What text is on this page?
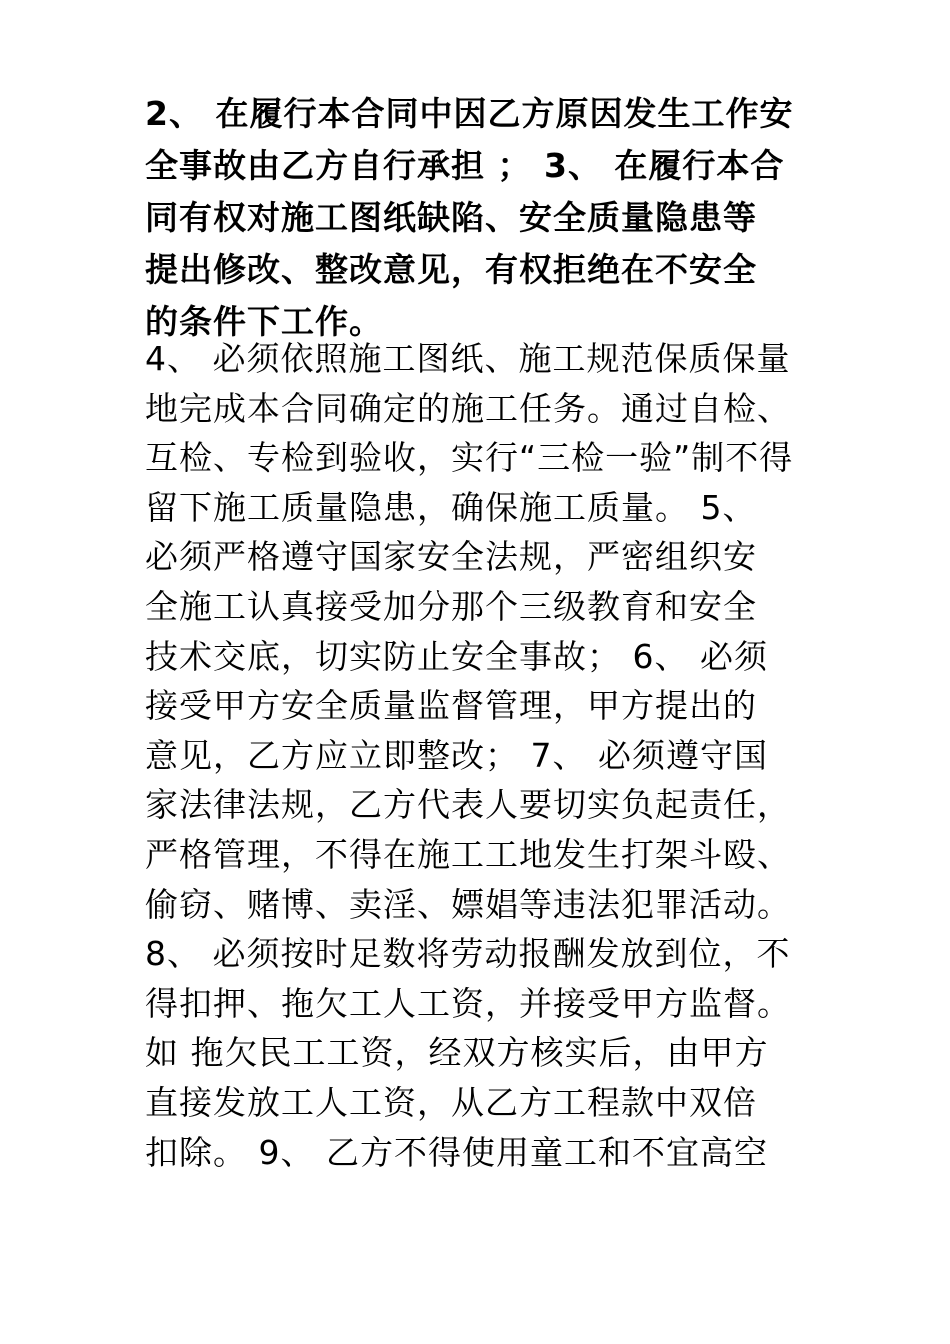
2、 在履行本合同中因乙方原因发生工作安
全事故由乙方自行承担 ； 3、 在履行本合
同有权对施工图纸缺陷、安全质量隐患等
提出修改、整改意见，有权拒绝在不安全
的条件下工作。
4、 必须依照施工图纸、施工规范保质保量
地完成本合同确定的施工任务。通过自检、
互检、专检到验收，实行“三检一验”制不得
留下施工质量隐患，确保施工质量。 5、
必须严格遵守国家安全法规，严密组织安
全施工认真接受加分那个三级教育和安全
技术交底，切实防止安全事故； 6、 必须
接受甲方安全质量监督管理，甲方提出的
意见，乙方应立即整改； 7、 必须遵守国
家法律法规，乙方代表人要切实负起责任，
严格管理，不得在施工工地发生打架斗殴、
偷窃、赌博、卖淫、嫖娼等违法犯罪活动。
8、 必须按时足数将劳动报酬发放到位，不
得扣押、拖欠工人工资，并接受甲方监督。
如 拖欠民工工资，经双方核实后，由甲方
直接发放工人工资，从乙方工程款中双倍
扣除。 9、 乙方不得使用童工和不宜高空
